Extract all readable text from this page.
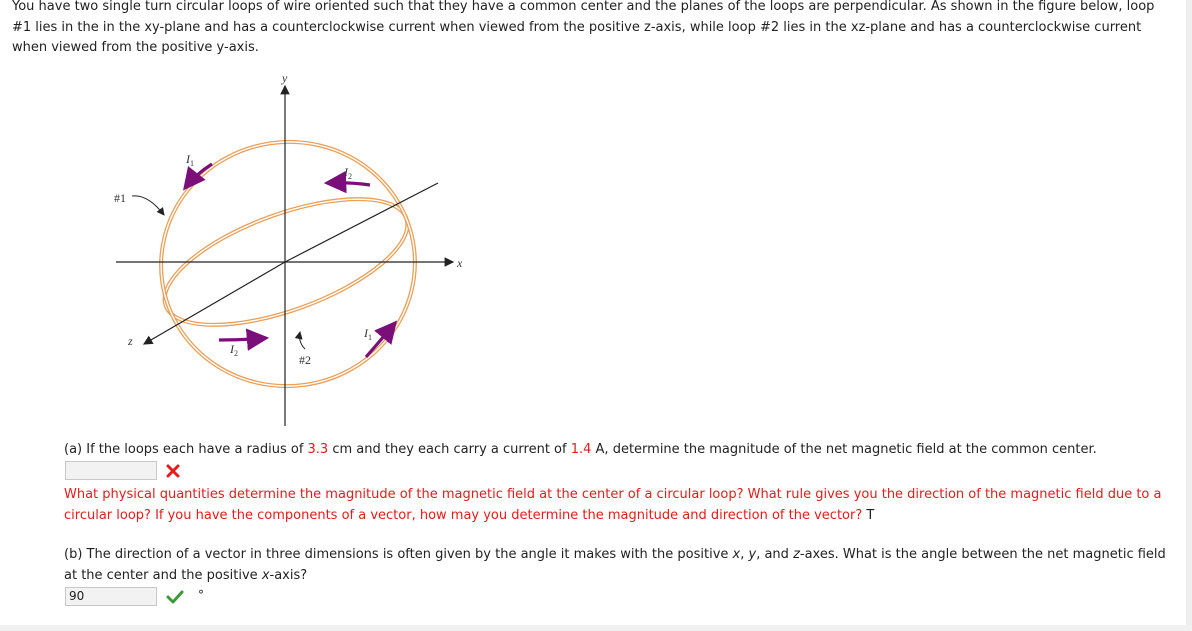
You have two single turn circular loops of wire oriented such that they have a common center and the planes of the loops are perpendicular. As shown in the figure below, loop #1 lies in the in the xy-plane and has a counterclockwise current when viewed from the positive z-axis, while loop #2 lies in the xz-plane and has a counterclockwise current when viewed from the positive y-axis.
y
x
z
#1
#2
$I_1$
$I_2$
$I_2$
$I_1$
(a) If the loops each have a radius of 3.3 cm and they each carry a current of 1.4 A, determine the magnitude of the net magnetic field at the common center.
What physical quantities determine the magnitude of the magnetic field at the center of a circular loop? What rule gives you the direction of the magnetic field due to a circular loop? If you have the components of a vector, how may you determine the magnitude and direction of the vector? T
(b) The direction of a vector in three dimensions is often given by the angle it makes with the positive x, y, and z-axes. What is the angle between the net magnetic field at the center and the positive x-axis?
90	°
